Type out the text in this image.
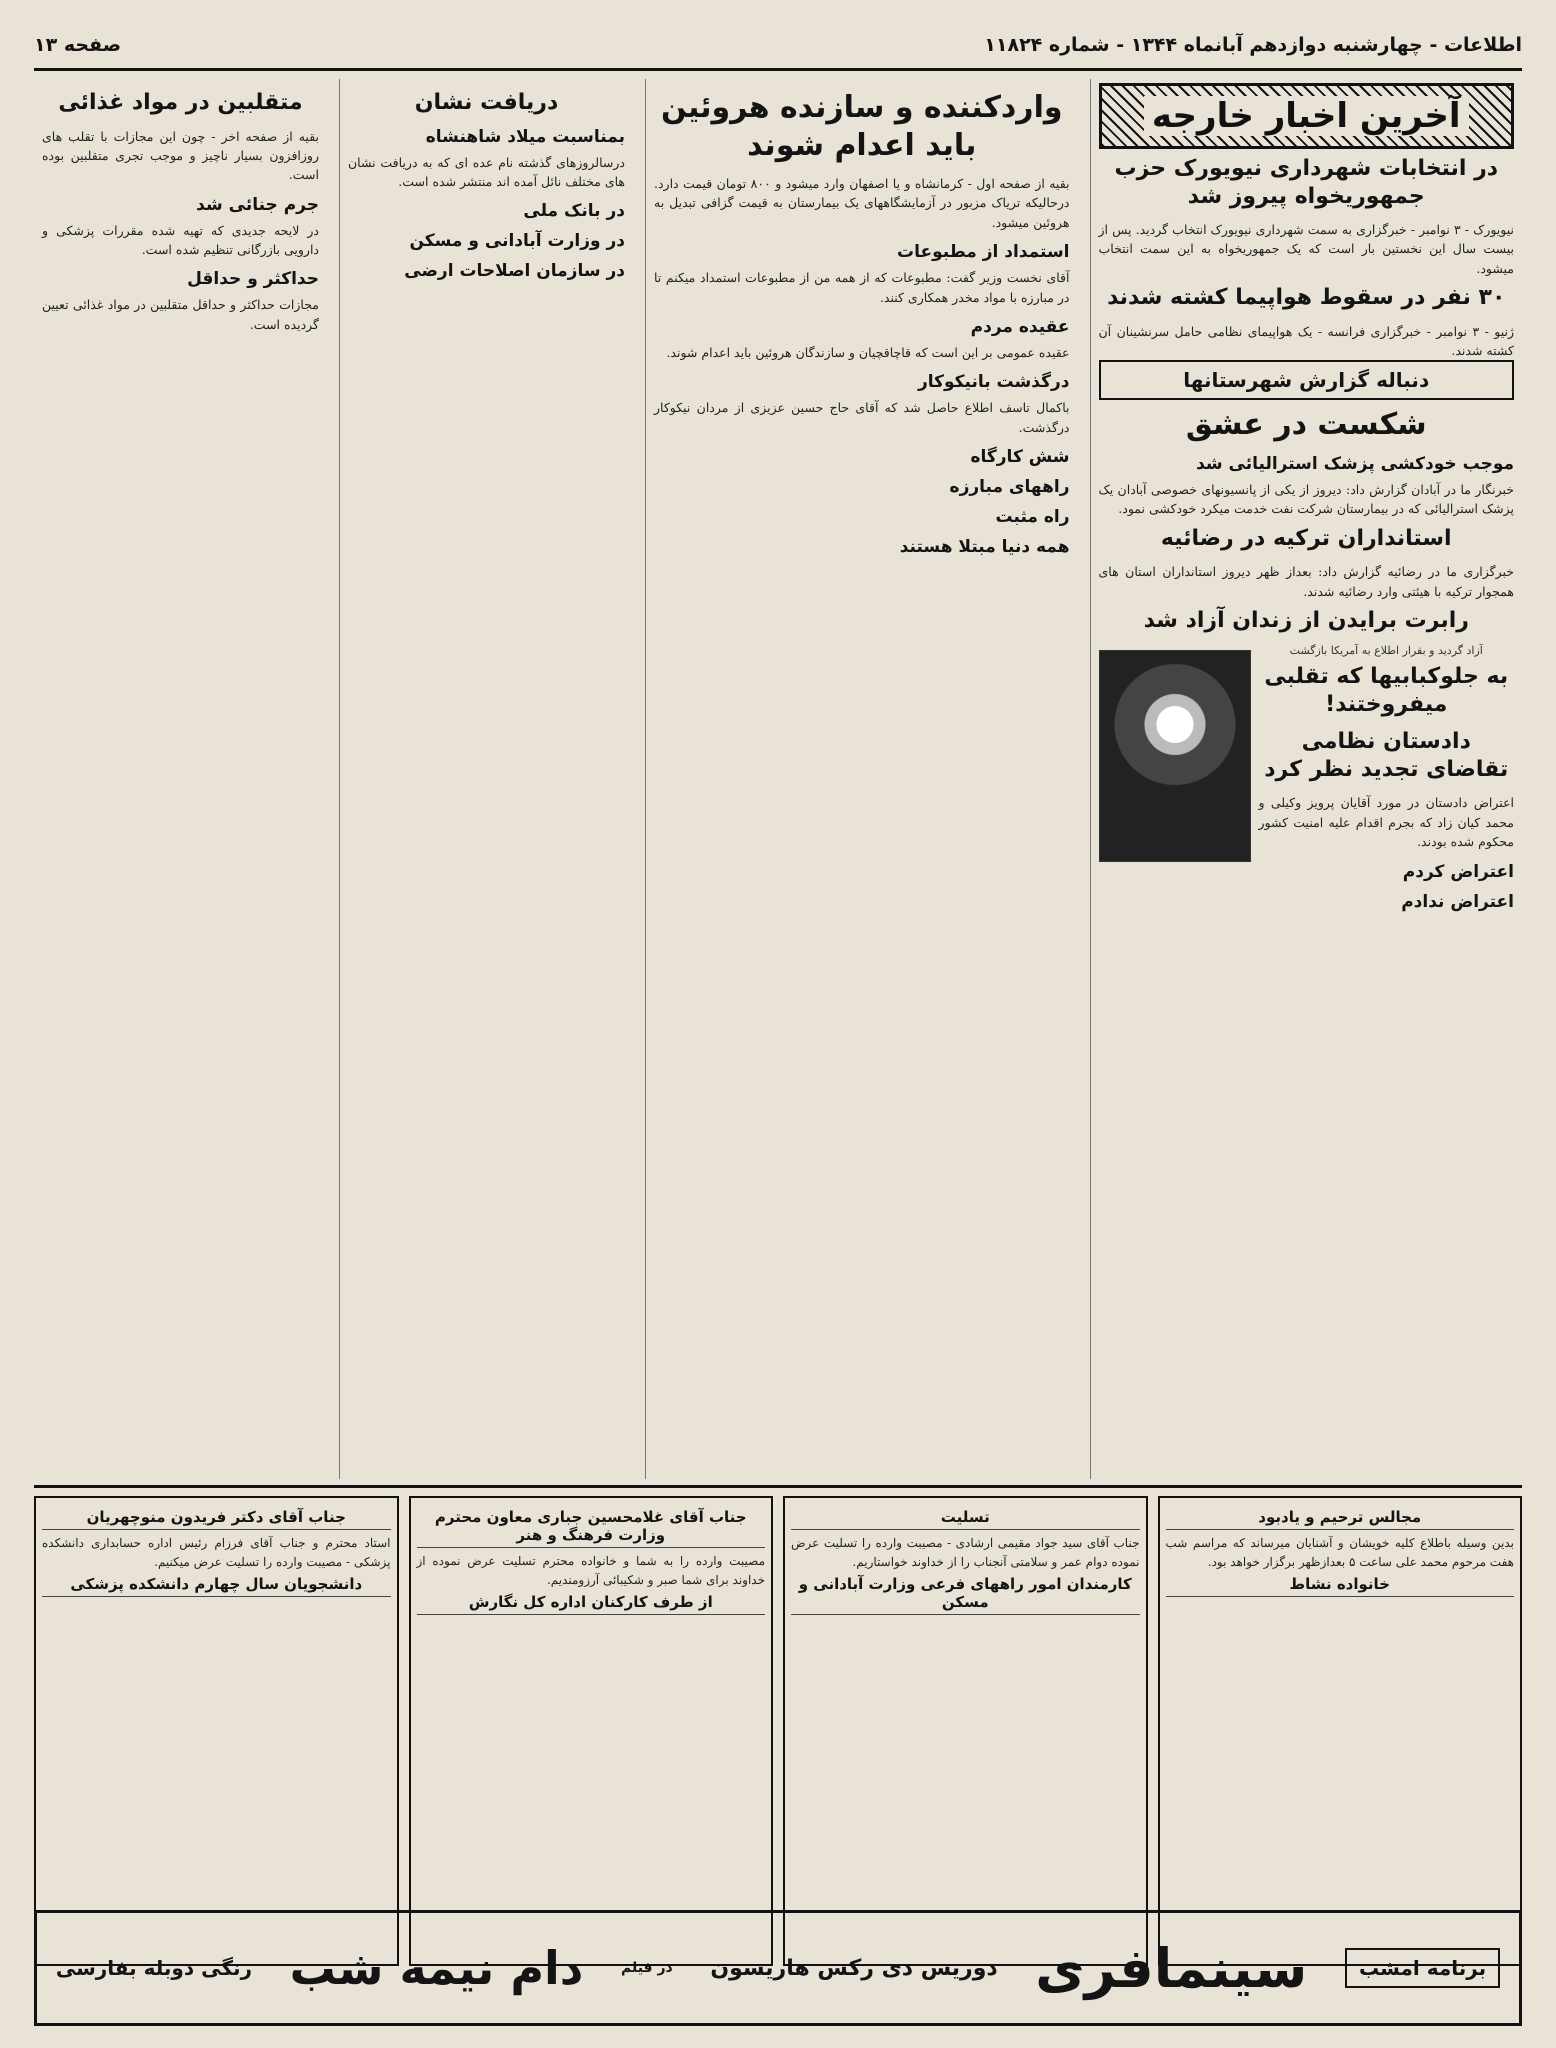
اطلاعات - چهارشنبه دوازدهم آبانماه ۱۳۴۴ - شماره ۱۱۸۲۴
صفحه ۱۳
آخرین اخبار خارجه
در انتخابات شهرداری نیویورک حزب جمهوریخواه پیروز شد
نیویورک - ۳ نوامبر - خبرگزاری به سمت شهرداری نیویورک انتخاب گردید. پس از بیست سال این نخستین بار است که یک جمهوریخواه به این سمت انتخاب میشود.
۳۰ نفر در سقوط هواپیما کشته شدند
ژنیو - ۳ نوامبر - خبرگزاری فرانسه - یک هواپیمای نظامی حامل سرنشینان آن کشته شدند.
دنباله گزارش شهرستانها
شکست در عشق
موجب خودکشی پزشک استرالیائی شد
خبرنگار ما در آبادان گزارش داد: دیروز از یکی از پانسیونهای خصوصی آبادان یک پزشک استرالیائی که در بیمارستان شرکت نفت خدمت میکرد خودکشی نمود.
استانداران ترکیه در رضائیه
خبرگزاری ما در رضائیه گزارش داد: بعداز ظهر دیروز استانداران استان های همجوار ترکیه با هیئتی وارد رضائیه شدند.
رابرت برایدن از زندان آزاد شد
آزاد گردید و بقرار اطلاع به آمریکا بازگشت
به جلوکبابیها که تقلبی میفروختند!
دادستان نظامی تقاضای تجدید نظر کرد
اعتراض دادستان در مورد آقایان پرویز وکیلی و محمد کیان زاد که بجرم اقدام علیه امنیت کشور محکوم شده بودند.
اعتراض کردم
اعتراض ندادم
واردکننده و سازنده هروئین باید اعدام شوند
بقیه از صفحه اول - کرمانشاه و یا اصفهان وارد میشود و ۸۰۰ تومان قیمت دارد. درحالیکه تریاک مزبور در آزمایشگاههای یک بیمارستان به قیمت گزافی تبدیل به هروئین میشود.
استمداد از مطبوعات
آقای نخست وزیر گفت: مطبوعات که از همه من از مطبوعات استمداد میکنم تا در مبارزه با مواد مخدر همکاری کنند.
عقیده مردم
عقیده عمومی بر این است که قاچاقچیان و سازندگان هروئین باید اعدام شوند.
درگذشت بانیکوکار
باکمال تاسف اطلاع حاصل شد که آقای حاج حسین عزیزی از مردان نیکوکار درگذشت.
شش کارگاه
راههای مبارزه
راه مثبت
همه دنیا مبتلا هستند
دریافت نشان
بمناسبت میلاد شاهنشاه
درسالروزهای گذشته نام عده ای که به دریافت نشان های مختلف نائل آمده اند منتشر شده است.
در بانک ملی
در وزارت آبادانی و مسکن
در سازمان اصلاحات ارضی
متقلبین در مواد غذائی
بقیه از صفحه اخر - چون این مجازات با تقلب های روزافزون بسیار ناچیز و موجب تجری متقلبین بوده است.
جرم جنائی شد
در لایحه جدیدی که تهیه شده مقررات پزشکی و دارویی بازرگانی تنظیم شده است.
حداکثر و حداقل
مجازات حداکثر و حداقل متقلبین در مواد غذائی تعیین گردیده است.
مجالس ترحیم و یادبود
بدین وسیله باطلاع کلیه خویشان و آشنایان میرساند که مراسم شب هفت مرحوم محمد علی ساعت ۵ بعدازظهر برگزار خواهد بود.
خانواده نشاط
تسلیت
جناب آقای سید جواد مقیمی ارشادی - مصیبت وارده را تسلیت عرض نموده دوام عمر و سلامتی آنجناب را از خداوند خواستاریم.
کارمندان امور راههای فرعی وزارت آبادانی و مسکن
جناب آقای غلامحسین جباری معاون محترم وزارت فرهنگ و هنر
مصیبت وارده را به شما و خانواده محترم تسلیت عرض نموده از خداوند برای شما صبر و شکیبائی آرزومندیم.
از طرف کارکنان اداره کل نگارش
جناب آقای دکتر فریدون منوچهریان
استاد محترم و جناب آقای فرزام رئیس اداره حسابداری دانشکده پزشکی - مصیبت وارده را تسلیت عرض میکنیم.
دانشجویان سال چهارم دانشکده پزشکی
برنامه امشب
سینمافری
دوریس دی رکس هاریسون
در فیلم
دام نیمه شب
رنگی دوبله بفارسی
